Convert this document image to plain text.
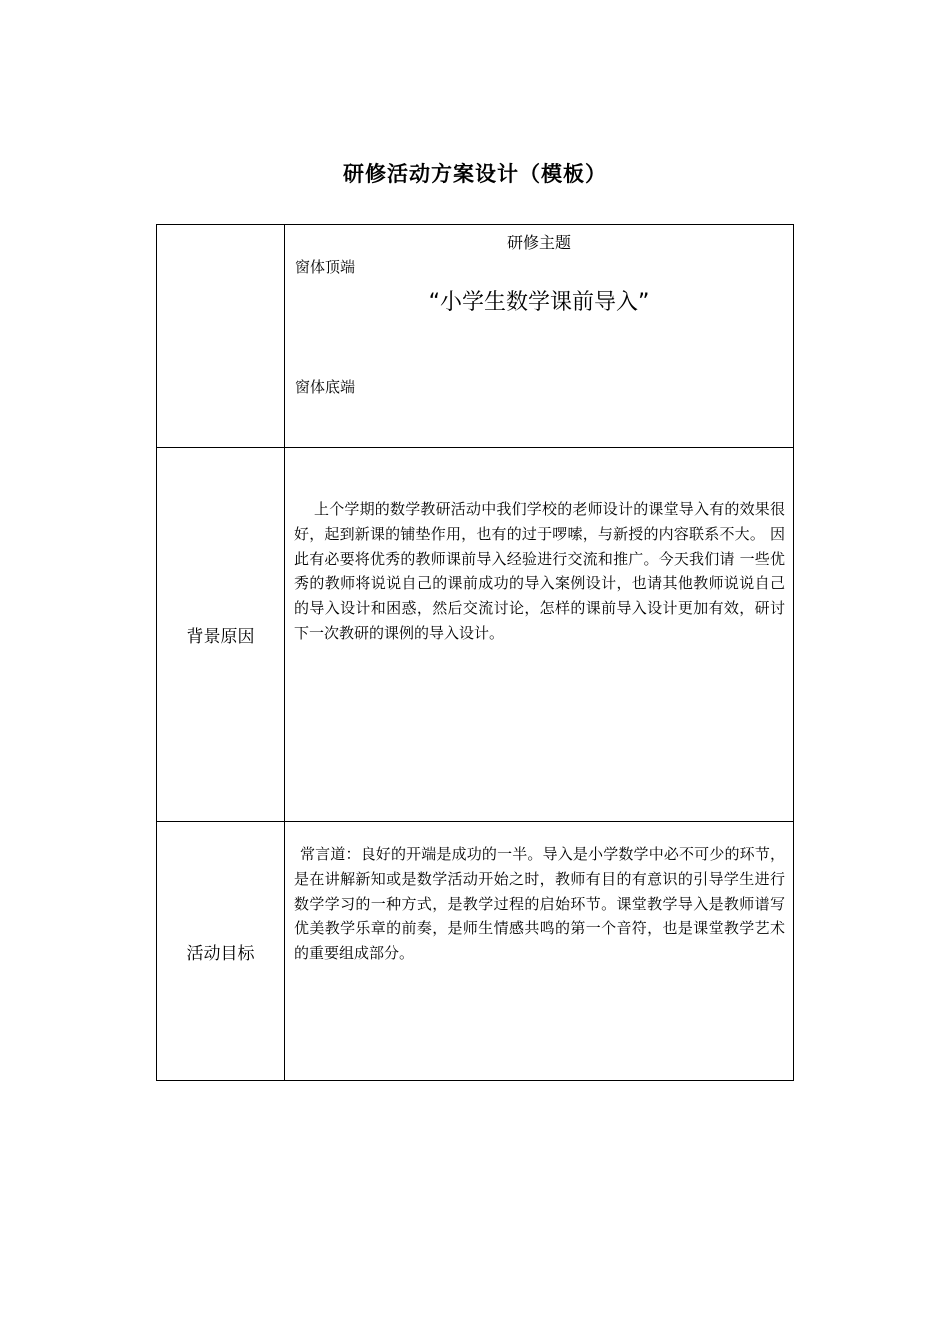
研修活动方案设计（模板）

	研修主题
窗体顶端
“小学生数学课前导入”
窗体底端

背景原因	上个学期的数学教研活动中我们学校的老师设计的课堂导入有的效果很好，起到新课的铺垫作用，也有的过于啰嗦，与新授的内容联系不大。 因此有必要将优秀的教师课前导入经验进行交流和推广。今天我们请 一些优秀的教师将说说自己的课前成功的导入案例设计，也请其他教师说说自己的导入设计和困惑，然后交流讨论，怎样的课前导入设计更加有效，研讨下一次教研的课例的导入设计。

活动目标	常言道：良好的开端是成功的一半。导入是小学数学中必不可少的环节，是在讲解新知或是数学活动开始之时，教师有目的有意识的引导学生进行数学学习的一种方式，是教学过程的启始环节。课堂教学导入是教师谱写优美教学乐章的前奏，是师生情感共鸣的第一个音符，也是课堂教学艺术的重要组成部分。
